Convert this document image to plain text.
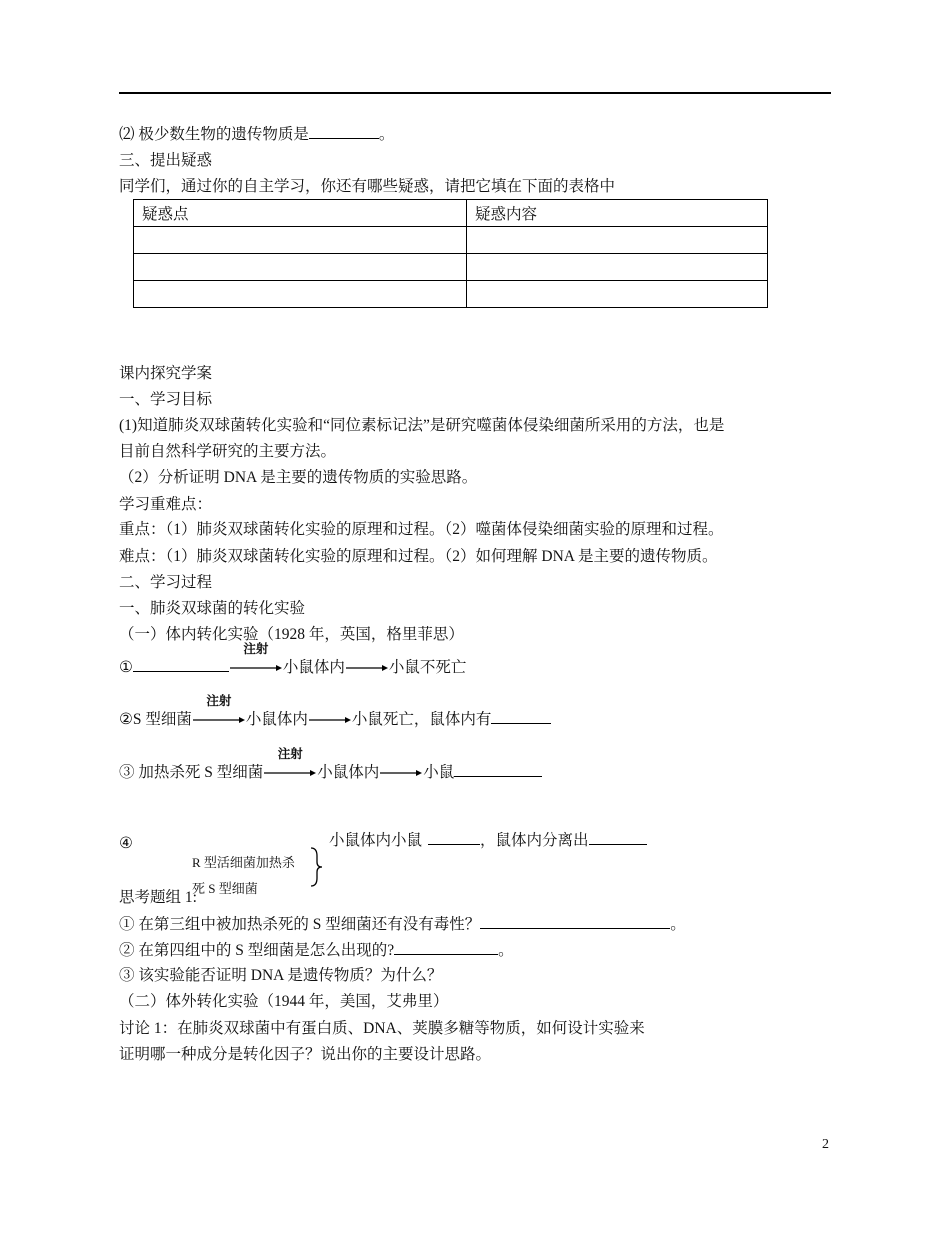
⑵ 极少数生物的遗传物质是	。
三、提出疑惑
同学们，通过你的自主学习，你还有哪些疑惑，请把它填在下面的表格中
疑惑点	疑惑内容

课内探究学案
一、学习目标
(1)知道肺炎双球菌转化实验和“同位素标记法”是研究噬菌体侵染细菌所采用的方法，也是
目前自然科学研究的主要方法。
（2）分析证明 DNA 是主要的遗传物质的实验思路。
学习重难点：
重点：（1）肺炎双球菌转化实验的原理和过程。（2）噬菌体侵染细菌实验的原理和过程。
难点：（1）肺炎双球菌转化实验的原理和过程。（2）如何理解 DNA 是主要的遗传物质。
二、学习过程
一、肺炎双球菌的转化实验
（一）体内转化实验（1928 年，英国，格里菲思）
①
注射
小鼠体内	小鼠不死亡
②S 型细菌
注射
小鼠体内	小鼠死亡，鼠体内有
③ 加热杀死 S 型细菌
注射
小鼠体内	小鼠
④	小鼠体内小鼠	，鼠体内分离出
R 型活细菌加热杀
死 S 型细菌
思考题组 1:
① 在第三组中被加热杀死的 S 型细菌还有没有毒性？	。
② 在第四组中的 S 型细菌是怎么出现的?	。
③ 该实验能否证明 DNA 是遗传物质？为什么？
（二）体外转化实验（1944 年，美国，艾弗里）
讨论 1：在肺炎双球菌中有蛋白质、DNA、荚膜多糖等物质，如何设计实验来
证明哪一种成分是转化因子？说出你的主要设计思路。
2
